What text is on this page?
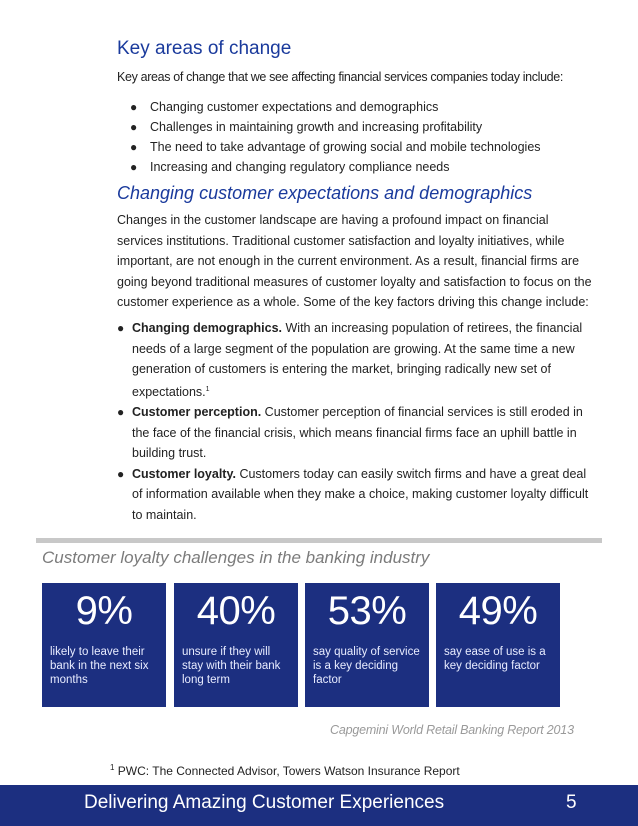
Key areas of change
Key areas of change that we see affecting financial services companies today include:
● Changing customer expectations and demographics
● Challenges in maintaining growth and increasing profitability
● The need to take advantage of growing social and mobile technologies
● Increasing and changing regulatory compliance needs
Changing customer expectations and demographics
Changes in the customer landscape are having a profound impact on financial services institutions. Traditional customer satisfaction and loyalty initiatives, while important, are not enough in the current environment. As a result, financial firms are going beyond traditional measures of customer loyalty and satisfaction to focus on the customer experience as a whole. Some of the key factors driving this change include:
● Changing demographics. With an increasing population of retirees, the financial needs of a large segment of the population are growing. At the same time a new generation of customers is entering the market, bringing radically new set of expectations.$^1$
● Customer perception. Customer perception of financial services is still eroded in the face of the financial crisis, which means financial firms face an uphill battle in building trust.
● Customer loyalty. Customers today can easily switch firms and have a great deal of information available when they make a choice, making customer loyalty difficult to maintain.
Customer loyalty challenges in the banking industry
9%
likely to leave their bank in the next six months
40%
unsure if they will stay with their bank long term
53%
say quality of service is a key deciding factor
49%
say ease of use is a key deciding factor
Capgemini World Retail Banking Report 2013
$^1$ PWC: The Connected Advisor, Towers Watson Insurance Report
Delivering Amazing Customer Experiences	5
